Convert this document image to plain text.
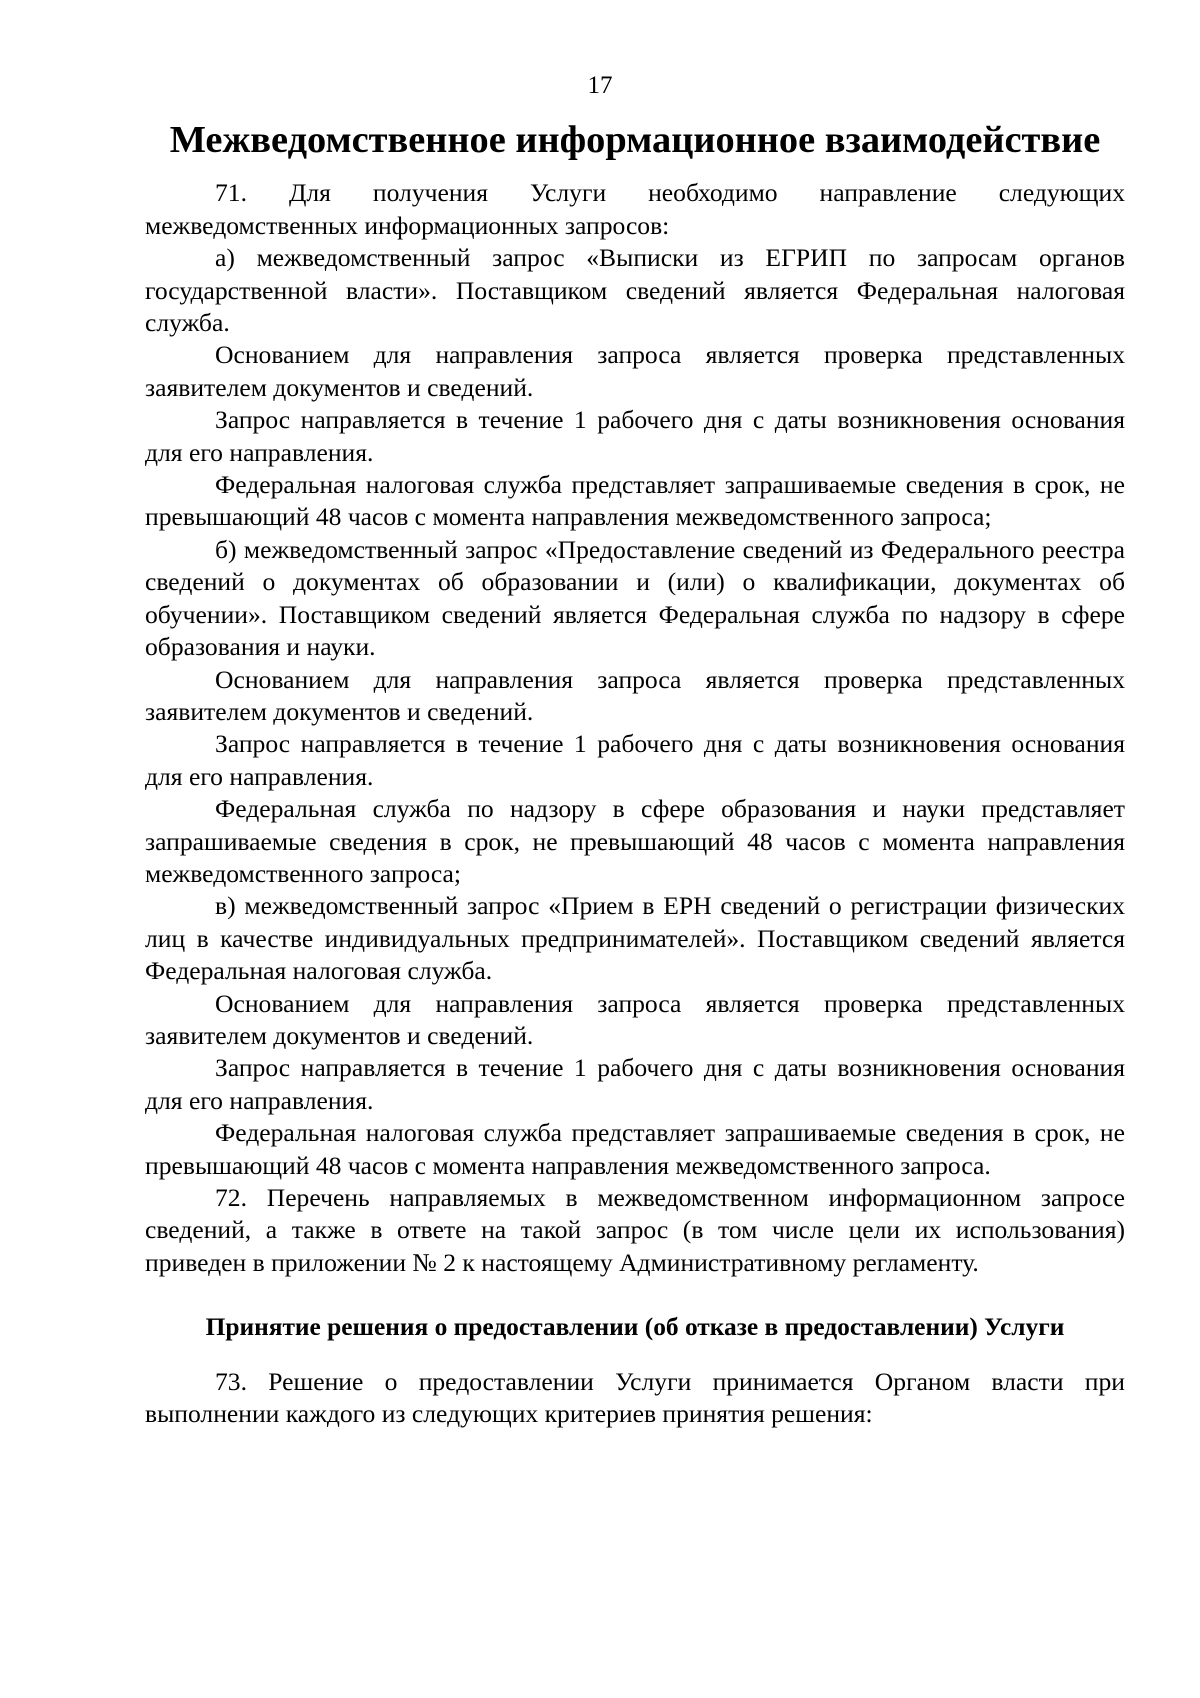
17
Межведомственное информационное взаимодействие

71. Для получения Услуги необходимо направление следующих межведомственных информационных запросов:

а) межведомственный запрос «Выписки из ЕГРИП по запросам органов государственной власти». Поставщиком сведений является Федеральная налоговая служба.

Основанием для направления запроса является проверка представленных заявителем документов и сведений.

Запрос направляется в течение 1 рабочего дня с даты возникновения основания для его направления.

Федеральная налоговая служба представляет запрашиваемые сведения в срок, не превышающий 48 часов с момента направления межведомственного запроса;

б) межведомственный запрос «Предоставление сведений из Федерального реестра сведений о документах об образовании и (или) о квалификации, документах об обучении». Поставщиком сведений является Федеральная служба по надзору в сфере образования и науки.

Основанием для направления запроса является проверка представленных заявителем документов и сведений.

Запрос направляется в течение 1 рабочего дня с даты возникновения основания для его направления.

Федеральная служба по надзору в сфере образования и науки представляет запрашиваемые сведения в срок, не превышающий 48 часов с момента направления межведомственного запроса;

в) межведомственный запрос «Прием в ЕРН сведений о регистрации физических лиц в качестве индивидуальных предпринимателей». Поставщиком сведений является Федеральная налоговая служба.

Основанием для направления запроса является проверка представленных заявителем документов и сведений.

Запрос направляется в течение 1 рабочего дня с даты возникновения основания для его направления.

Федеральная налоговая служба представляет запрашиваемые сведения в срок, не превышающий 48 часов с момента направления межведомственного запроса.

72. Перечень направляемых в межведомственном информационном запросе сведений, а также в ответе на такой запрос (в том числе цели их использования) приведен в приложении № 2 к настоящему Административному регламенту.

Принятие решения о предоставлении (об отказе в предоставлении) Услуги

73. Решение о предоставлении Услуги принимается Органом власти при выполнении каждого из следующих критериев принятия решения:
